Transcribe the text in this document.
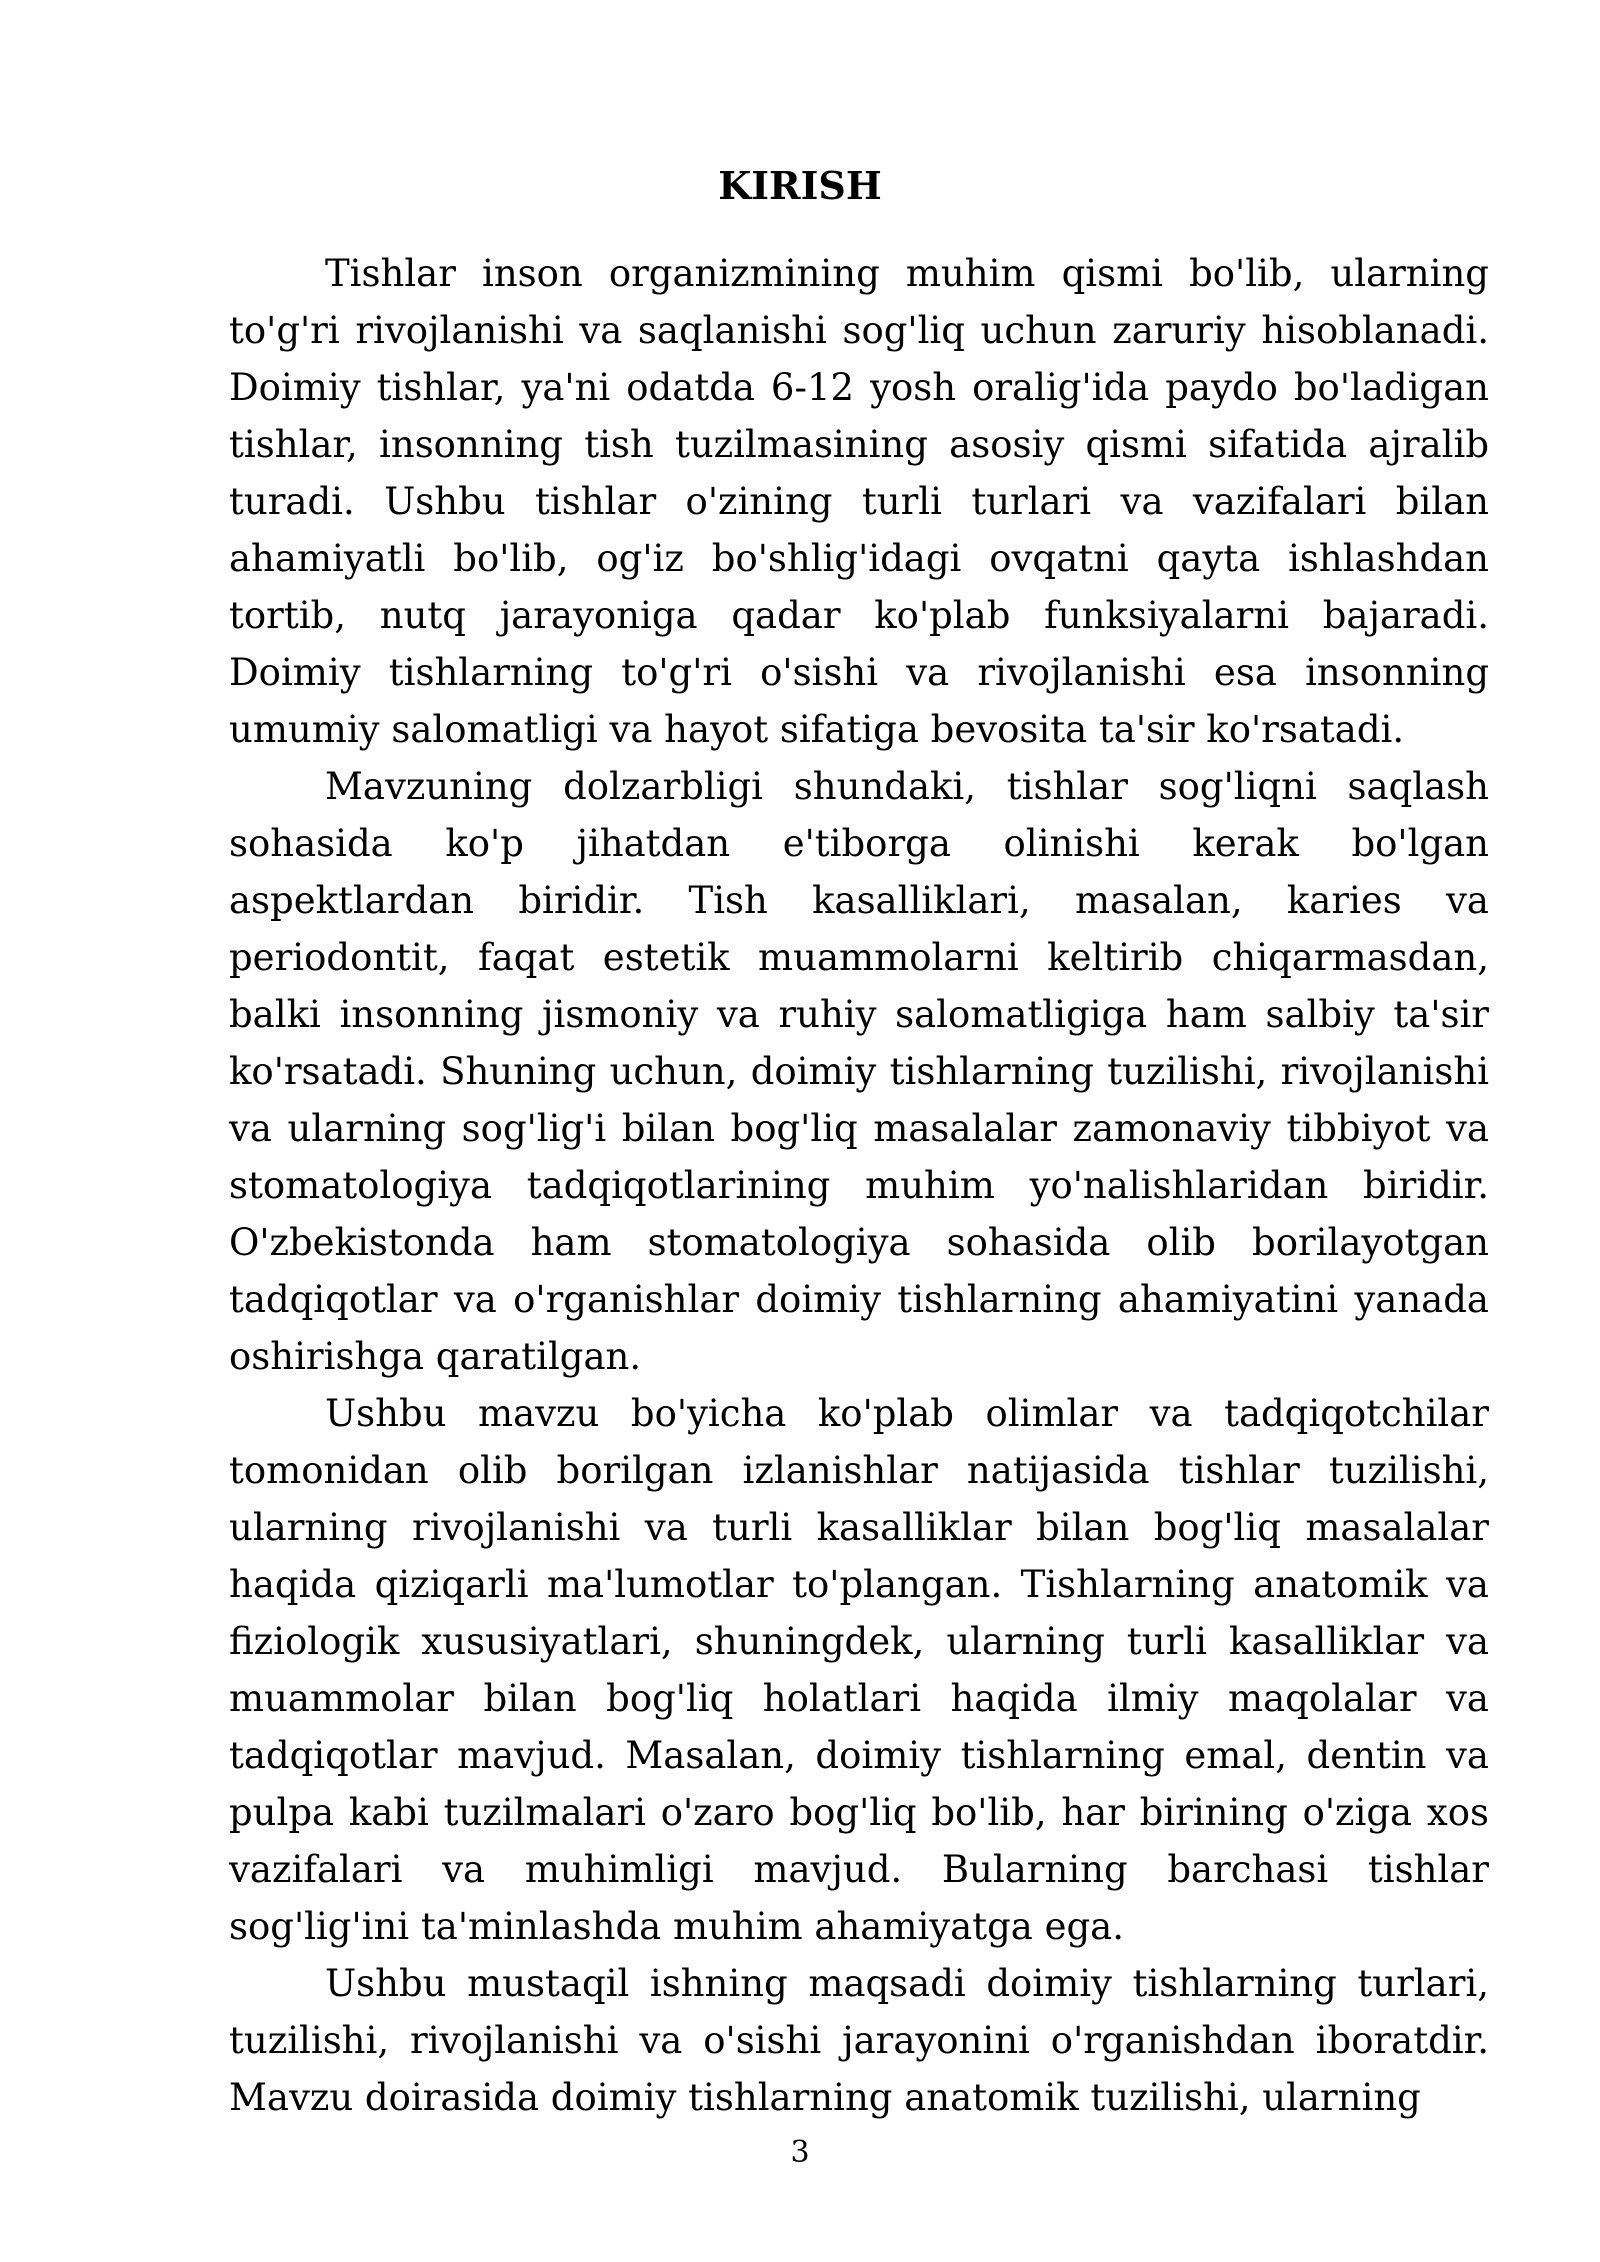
KIRISH

Tishlar inson organizmining muhim qismi bo'lib, ularning to'g'ri rivojlanishi va saqlanishi sog'liq uchun zaruriy hisoblanadi. Doimiy tishlar, ya'ni odatda 6-12 yosh oralig'ida paydo bo'ladigan tishlar, insonning tish tuzilmasining asosiy qismi sifatida ajralib turadi. Ushbu tishlar o'zining turli turlari va vazifalari bilan ahamiyatli bo'lib, og'iz bo'shlig'idagi ovqatni qayta ishlashdan tortib, nutq jarayoniga qadar ko'plab funksiyalarni bajaradi. Doimiy tishlarning to'g'ri o'sishi va rivojlanishi esa insonning umumiy salomatligi va hayot sifatiga bevosita ta'sir ko'rsatadi.

Mavzuning dolzarbligi shundaki, tishlar sog'liqni saqlash sohasida ko'p jihatdan e'tiborga olinishi kerak bo'lgan aspektlardan biridir. Tish kasalliklari, masalan, karies va periodontit, faqat estetik muammolarni keltirib chiqarmasdan, balki insonning jismoniy va ruhiy salomatligiga ham salbiy ta'sir ko'rsatadi. Shuning uchun, doimiy tishlarning tuzilishi, rivojlanishi va ularning sog'lig'i bilan bog'liq masalalar zamonaviy tibbiyot va stomatologiya tadqiqotlarining muhim yo'nalishlaridan biridir. O'zbekistonda ham stomatologiya sohasida olib borilayotgan tadqiqotlar va o'rganishlar doimiy tishlarning ahamiyatini yanada oshirishga qaratilgan.

Ushbu mavzu bo'yicha ko'plab olimlar va tadqiqotchilar tomonidan olib borilgan izlanishlar natijasida tishlar tuzilishi, ularning rivojlanishi va turli kasalliklar bilan bog'liq masalalar haqida qiziqarli ma'lumotlar to'plangan. Tishlarning anatomik va fiziologik xususiyatlari, shuningdek, ularning turli kasalliklar va muammolar bilan bog'liq holatlari haqida ilmiy maqolalar va tadqiqotlar mavjud. Masalan, doimiy tishlarning emal, dentin va pulpa kabi tuzilmalari o'zaro bog'liq bo'lib, har birining o'ziga xos vazifalari va muhimligi mavjud. Bularning barchasi tishlar sog'lig'ini ta'minlashda muhim ahamiyatga ega.

Ushbu mustaqil ishning maqsadi doimiy tishlarning turlari, tuzilishi, rivojlanishi va o'sishi jarayonini o'rganishdan iboratdir. Mavzu doirasida doimiy tishlarning anatomik tuzilishi, ularning

3
